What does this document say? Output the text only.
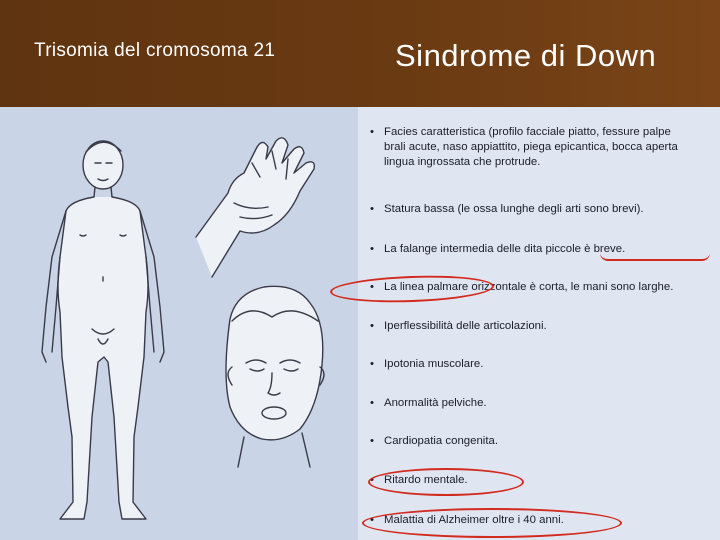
Trisomia del cromosoma 21	Sindrome di Down
• Facies caratteristica (profilo facciale piatto, fessure palpe
brali acute, naso appiattito, piega epicantica, bocca aperta
lingua ingrossata che protrude.
• Statura bassa (le ossa lunghe degli arti sono brevi).
• La falange intermedia delle dita piccole è breve.
• La linea palmare orizzontale è corta, le mani sono larghe.
• Iperflessibilità delle articolazioni.
• Ipotonia muscolare.
• Anormalità pelviche.
• Cardiopatia congenita.
• Ritardo mentale.
• Malattia di Alzheimer oltre i 40 anni.
